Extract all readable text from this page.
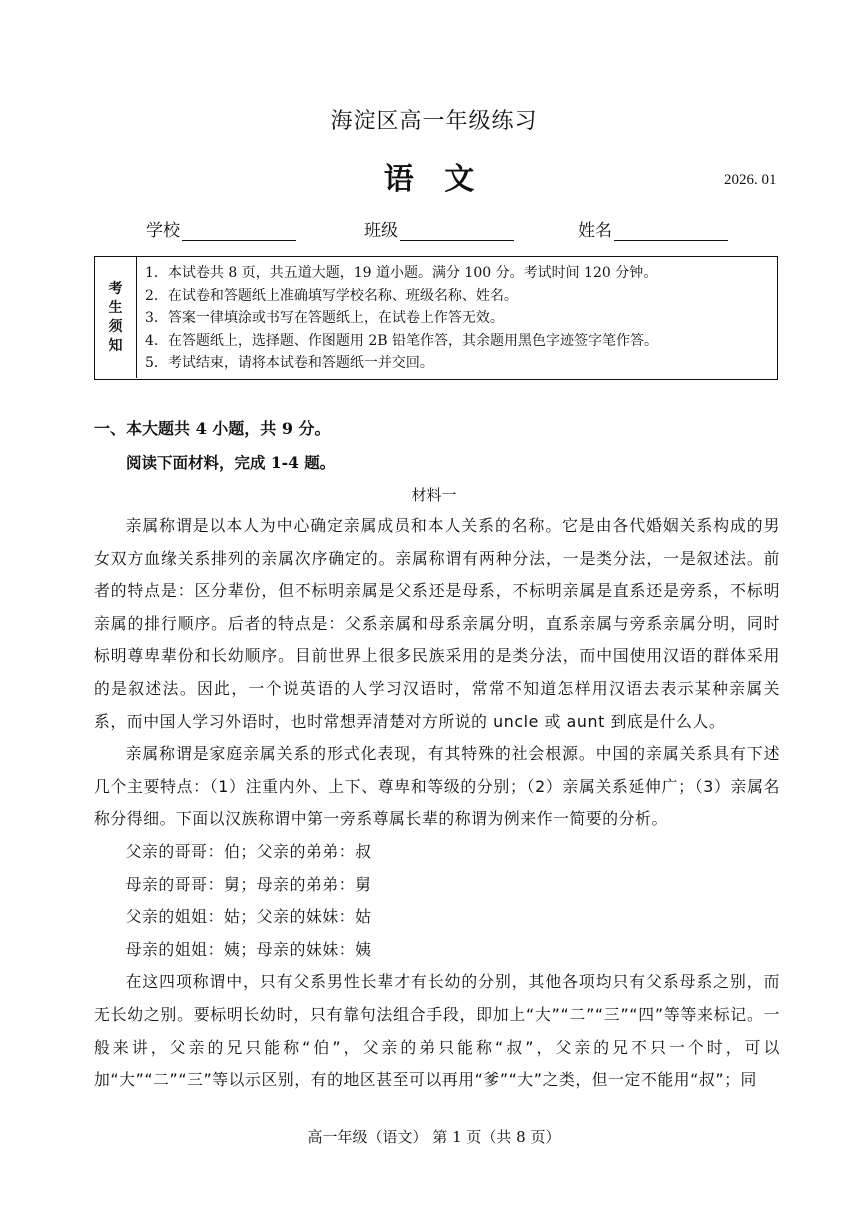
海淀区高一年级练习
语 文	2026. 01
学校	班级	姓名
考
生
须
知
1．本试卷共 8 页，共五道大题，19 道小题。满分 100 分。考试时间 120 分钟。
2．在试卷和答题纸上准确填写学校名称、班级名称、姓名。
3．答案一律填涂或书写在答题纸上，在试卷上作答无效。
4．在答题纸上，选择题、作图题用 2B 铅笔作答，其余题用黑色字迹签字笔作答。
5．考试结束，请将本试卷和答题纸一并交回。
一、本大题共 4 小题，共 9 分。
阅读下面材料，完成 1-4 题。
材料一

亲属称谓是以本人为中心确定亲属成员和本人关系的名称。它是由各代婚姻关系构成的男女双方血缘关系排列的亲属次序确定的。亲属称谓有两种分法，一是类分法，一是叙述法。前者的特点是：区分辈份，但不标明亲属是父系还是母系，不标明亲属是直系还是旁系，不标明亲属的排行顺序。后者的特点是：父系亲属和母系亲属分明，直系亲属与旁系亲属分明，同时标明尊卑辈份和长幼顺序。目前世界上很多民族采用的是类分法，而中国使用汉语的群体采用的是叙述法。因此，一个说英语的人学习汉语时，常常不知道怎样用汉语去表示某种亲属关系，而中国人学习外语时，也时常想弄清楚对方所说的 uncle 或 aunt 到底是什么人。

亲属称谓是家庭亲属关系的形式化表现，有其特殊的社会根源。中国的亲属关系具有下述几个主要特点：（1）注重内外、上下、尊卑和等级的分别；（2）亲属关系延伸广；（3）亲属名称分得细。下面以汉族称谓中第一旁系尊属长辈的称谓为例来作一简要的分析。

父亲的哥哥：伯；父亲的弟弟：叔
母亲的哥哥：舅；母亲的弟弟：舅
父亲的姐姐：姑；父亲的妹妹：姑
母亲的姐姐：姨；母亲的妹妹：姨

在这四项称谓中，只有父系男性长辈才有长幼的分别，其他各项均只有父系母系之别，而无长幼之别。要标明长幼时，只有靠句法组合手段，即加上“大”“二”“三”“四”等等来标记。一般来讲，父亲的兄只能称“伯”，父亲的弟只能称“叔”，父亲的兄不只一个时，可以加“大”“二”“三”等以示区别，有的地区甚至可以再用“爹”“大”之类，但一定不能用“叔”；同

高一年级（语文） 第 1 页（共 8 页）
